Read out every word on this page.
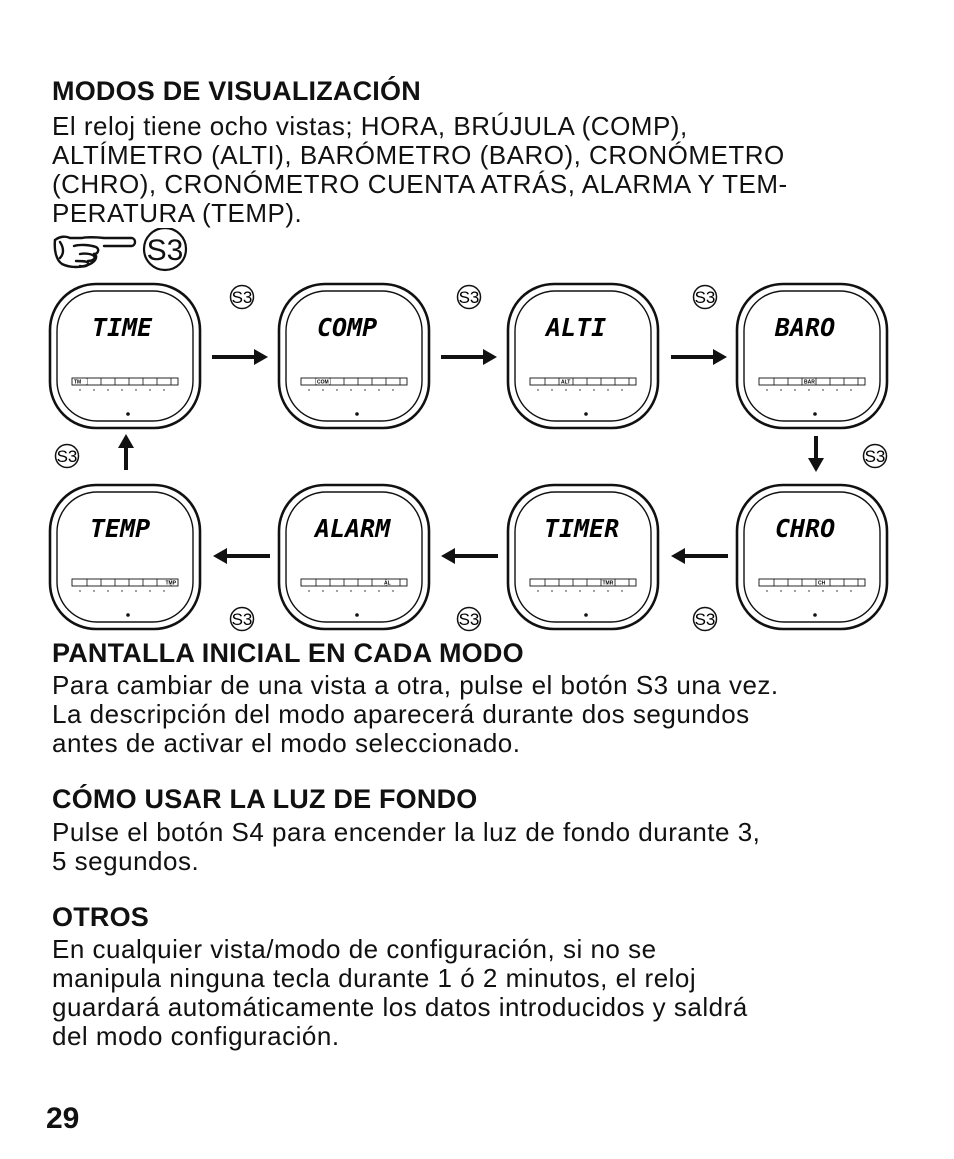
MODOS DE VISUALIZACIÓN

El reloj tiene ocho vistas; HORA, BRÚJULA (COMP),

ALTÍMETRO (ALTI), BARÓMETRO (BARO), CRONÓMETRO

(CHRO), CRONÓMETRO CUENTA ATRÁS, ALARMA Y TEM-

PERATURA (TEMP).

S3
TIME
TM
COMP
COM
ALTI
ALT
BARO
BAR
TEMP
TMP
ALARM
AL
TIMER
TMR
CHRO
CH
S3	S3	S3
S3	S3
S3	S3	S3
PANTALLA INICIAL EN CADA MODO

Para cambiar de una vista a otra, pulse el botón S3 una vez.

La descripción del modo aparecerá durante dos segundos

antes de activar el modo seleccionado.

CÓMO USAR LA LUZ DE FONDO

Pulse el botón S4 para encender la luz de fondo durante 3,

5 segundos.

OTROS

En cualquier vista/modo de configuración, si no se

manipula ninguna tecla durante 1 ó 2 minutos, el reloj

guardará automáticamente los datos introducidos y saldrá

del modo configuración.

29
